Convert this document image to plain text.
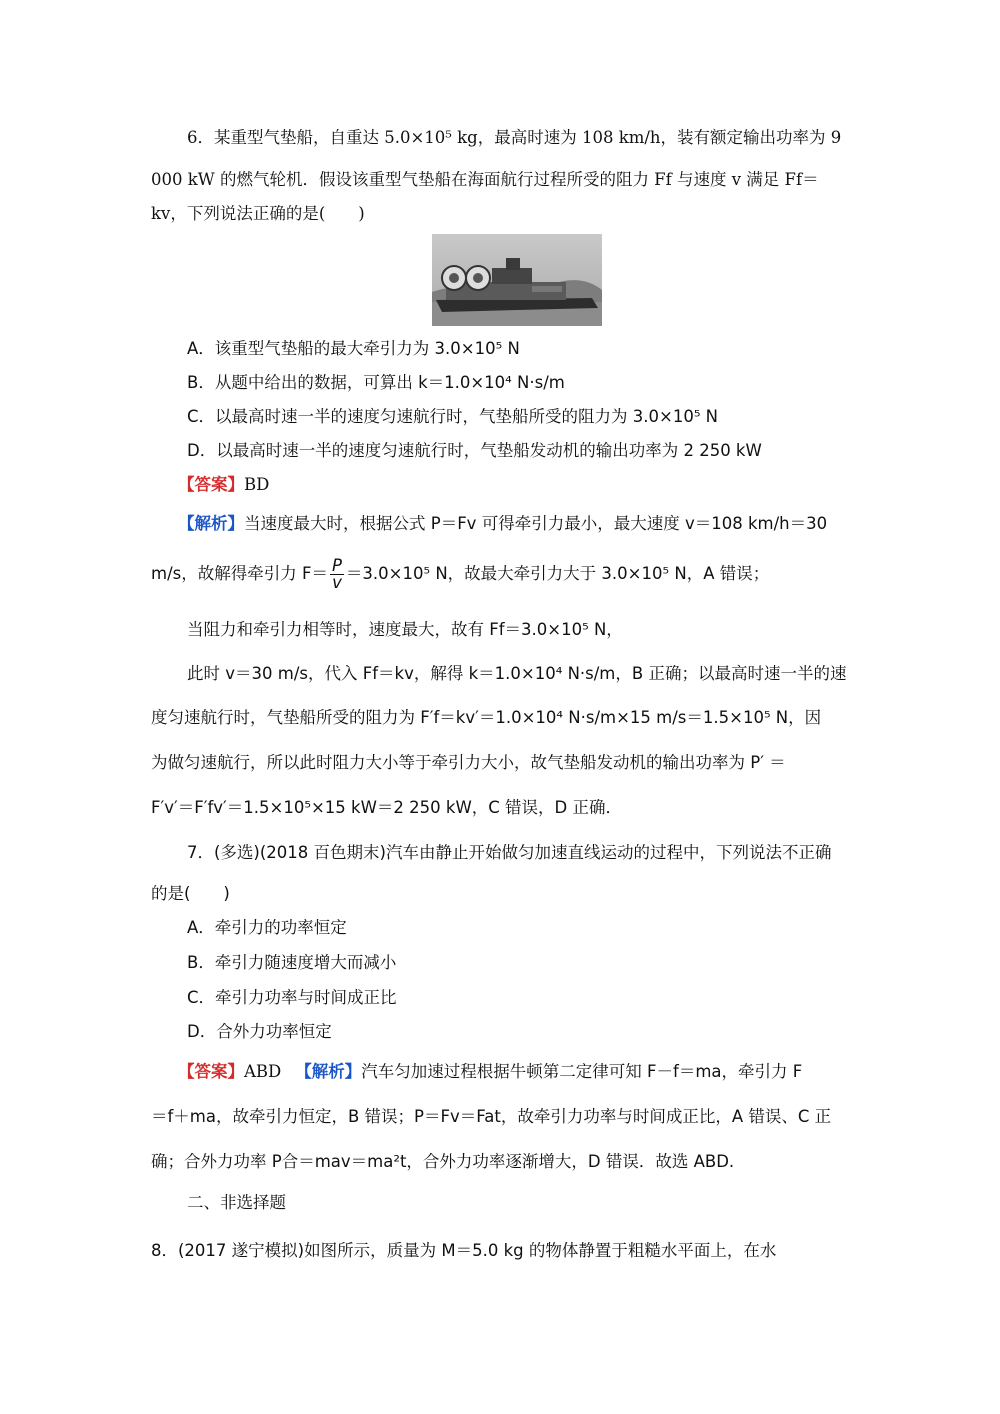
6．某重型气垫船，自重达 5.0×10⁵ kg，最高时速为 108 km/h，装有额定输出功率为 9
000 kW 的燃气轮机．假设该重型气垫船在海面航行过程所受的阻力 Ff 与速度 v 满足 Ff＝
kv，下列说法正确的是(　　)
A．该重型气垫船的最大牵引力为 3.0×10⁵ N
B．从题中给出的数据，可算出 k＝1.0×10⁴ N·s/m
C．以最高时速一半的速度匀速航行时，气垫船所受的阻力为 3.0×10⁵ N
D．以最高时速一半的速度匀速航行时，气垫船发动机的输出功率为 2 250 kW
【答案】BD
【解析】当速度最大时，根据公式 P＝Fv 可得牵引力最小，最大速度 v＝108 km/h＝30
m/s，故解得牵引力 $F= \frac{P}{v} =3.0\times 10^5$ N，故最大牵引力大于 3.0×10⁵ N，A 错误；
当阻力和牵引力相等时，速度最大，故有 Ff＝3.0×10⁵ N，
此时 v＝30 m/s，代入 Ff＝kv，解得 k＝1.0×10⁴ N·s/m，B 正确；以最高时速一半的速
度匀速航行时，气垫船所受的阻力为 F′f＝kv′＝1.0×10⁴ N·s/m×15 m/s＝1.5×10⁵ N，因
为做匀速航行，所以此时阻力大小等于牵引力大小，故气垫船发动机的输出功率为 P′ ＝
F′v′＝F′fv′＝1.5×10⁵×15 kW＝2 250 kW，C 错误，D 正确．
7．(多选)(2018 百色期末)汽车由静止开始做匀加速直线运动的过程中，下列说法不正确
的是(　　)
A．牵引力的功率恒定
B．牵引力随速度增大而减小
C．牵引力功率与时间成正比
D．合外力功率恒定
【答案】ABD 【解析】汽车匀加速过程根据牛顿第二定律可知 F－f＝ma，牵引力 F
＝f＋ma，故牵引力恒定，B 错误；P＝Fv＝Fat，故牵引力功率与时间成正比，A 错误、C 正
确；合外力功率 P合＝mav＝ma²t，合外力功率逐渐增大，D 错误．故选 ABD.
二、非选择题
8．(2017 遂宁模拟)如图所示，质量为 M＝5.0 kg 的物体静置于粗糙水平面上，在水
